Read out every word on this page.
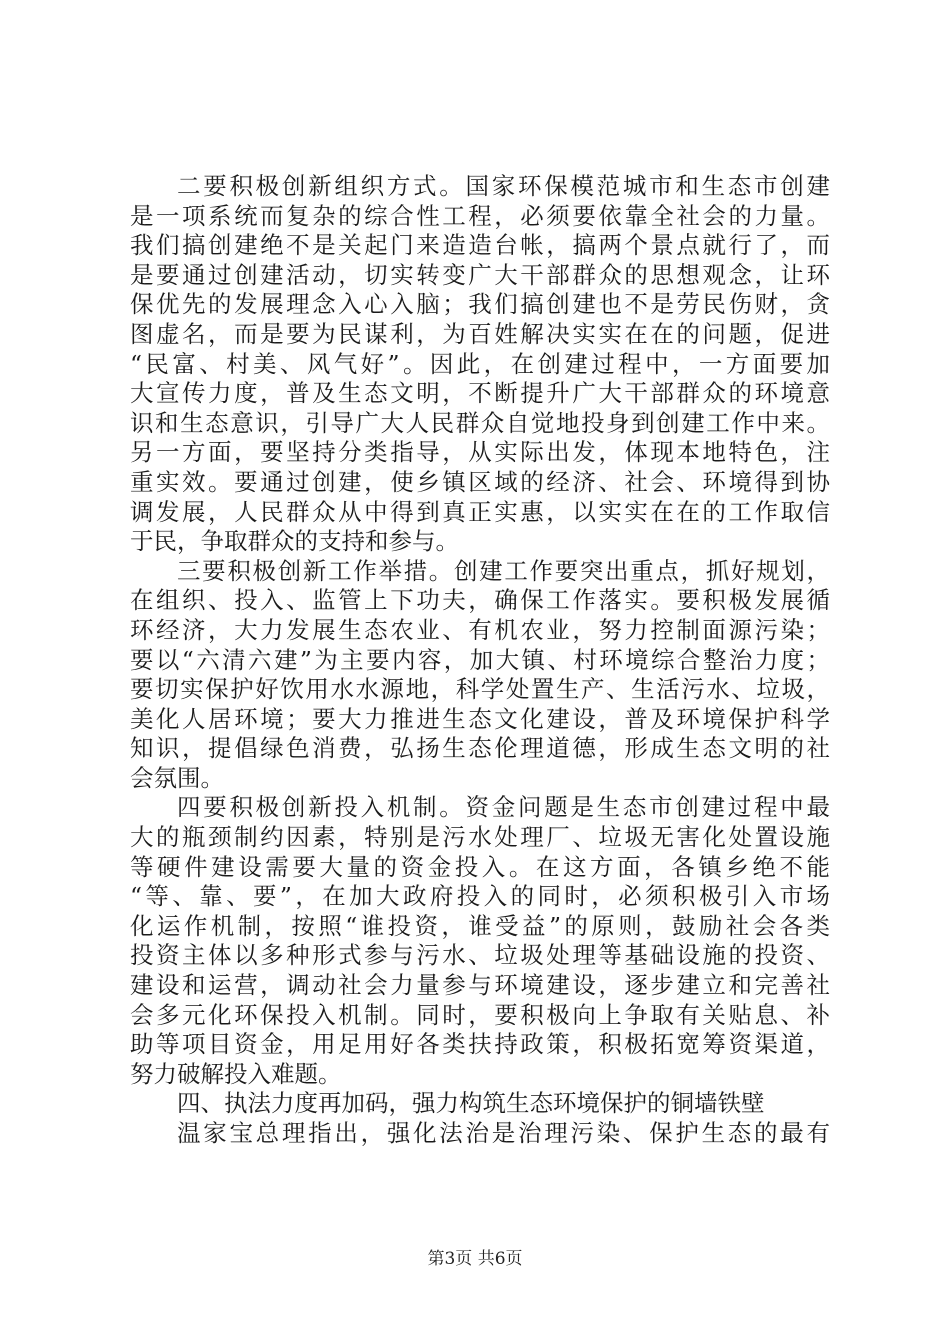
二要积极创新组织方式。国家环保模范城市和生态市创建
是一项系统而复杂的综合性工程，必须要依靠全社会的力量。
我们搞创建绝不是关起门来造造台帐，搞两个景点就行了，而
是要通过创建活动，切实转变广大干部群众的思想观念，让环
保优先的发展理念入心入脑；我们搞创建也不是劳民伤财，贪
图虚名，而是要为民谋利，为百姓解决实实在在的问题，促进
“民富、村美、风气好”。因此，在创建过程中，一方面要加
大宣传力度，普及生态文明，不断提升广大干部群众的环境意
识和生态意识，引导广大人民群众自觉地投身到创建工作中来。
另一方面，要坚持分类指导，从实际出发，体现本地特色，注
重实效。要通过创建，使乡镇区域的经济、社会、环境得到协
调发展，人民群众从中得到真正实惠，以实实在在的工作取信
于民，争取群众的支持和参与。
三要积极创新工作举措。创建工作要突出重点，抓好规划，
在组织、投入、监管上下功夫，确保工作落实。要积极发展循
环经济，大力发展生态农业、有机农业，努力控制面源污染；
要以“六清六建”为主要内容，加大镇、村环境综合整治力度；
要切实保护好饮用水水源地，科学处置生产、生活污水、垃圾，
美化人居环境；要大力推进生态文化建设，普及环境保护科学
知识，提倡绿色消费，弘扬生态伦理道德，形成生态文明的社
会氛围。
四要积极创新投入机制。资金问题是生态市创建过程中最
大的瓶颈制约因素，特别是污水处理厂、垃圾无害化处置设施
等硬件建设需要大量的资金投入。在这方面，各镇乡绝不能
“等、靠、要”，在加大政府投入的同时，必须积极引入市场
化运作机制，按照“谁投资，谁受益”的原则，鼓励社会各类
投资主体以多种形式参与污水、垃圾处理等基础设施的投资、
建设和运营，调动社会力量参与环境建设，逐步建立和完善社
会多元化环保投入机制。同时，要积极向上争取有关贴息、补
助等项目资金，用足用好各类扶持政策，积极拓宽筹资渠道，
努力破解投入难题。
四、执法力度再加码，强力构筑生态环境保护的铜墙铁壁
温家宝总理指出，强化法治是治理污染、保护生态的最有
第3页 共6页
